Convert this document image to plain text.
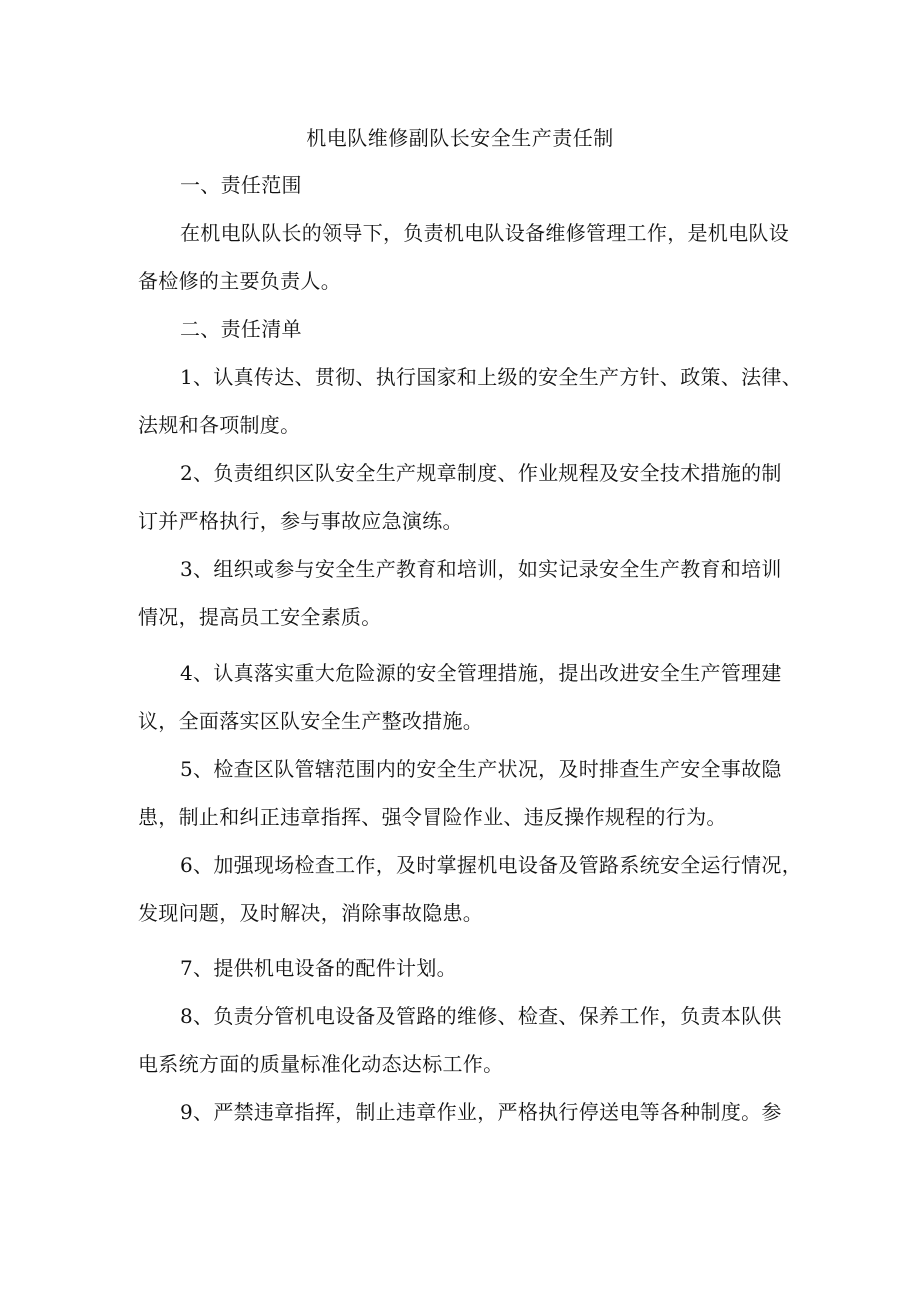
机电队维修副队长安全生产责任制
一、责任范围
在机电队队长的领导下，负责机电队设备维修管理工作，是机电队设
备检修的主要负责人。
二、责任清单
1、认真传达、贯彻、执行国家和上级的安全生产方针、政策、法律、
法规和各项制度。
2、负责组织区队安全生产规章制度、作业规程及安全技术措施的制
订并严格执行，参与事故应急演练。
3、组织或参与安全生产教育和培训，如实记录安全生产教育和培训
情况，提高员工安全素质。
4、认真落实重大危险源的安全管理措施，提出改进安全生产管理建
议，全面落实区队安全生产整改措施。
5、检查区队管辖范围内的安全生产状况，及时排查生产安全事故隐
患，制止和纠正违章指挥、强令冒险作业、违反操作规程的行为。
6、加强现场检查工作，及时掌握机电设备及管路系统安全运行情况，
发现问题，及时解决，消除事故隐患。
7、提供机电设备的配件计划。
8、负责分管机电设备及管路的维修、检查、保养工作，负责本队供
电系统方面的质量标准化动态达标工作。
9、严禁违章指挥，制止违章作业，严格执行停送电等各种制度。参
